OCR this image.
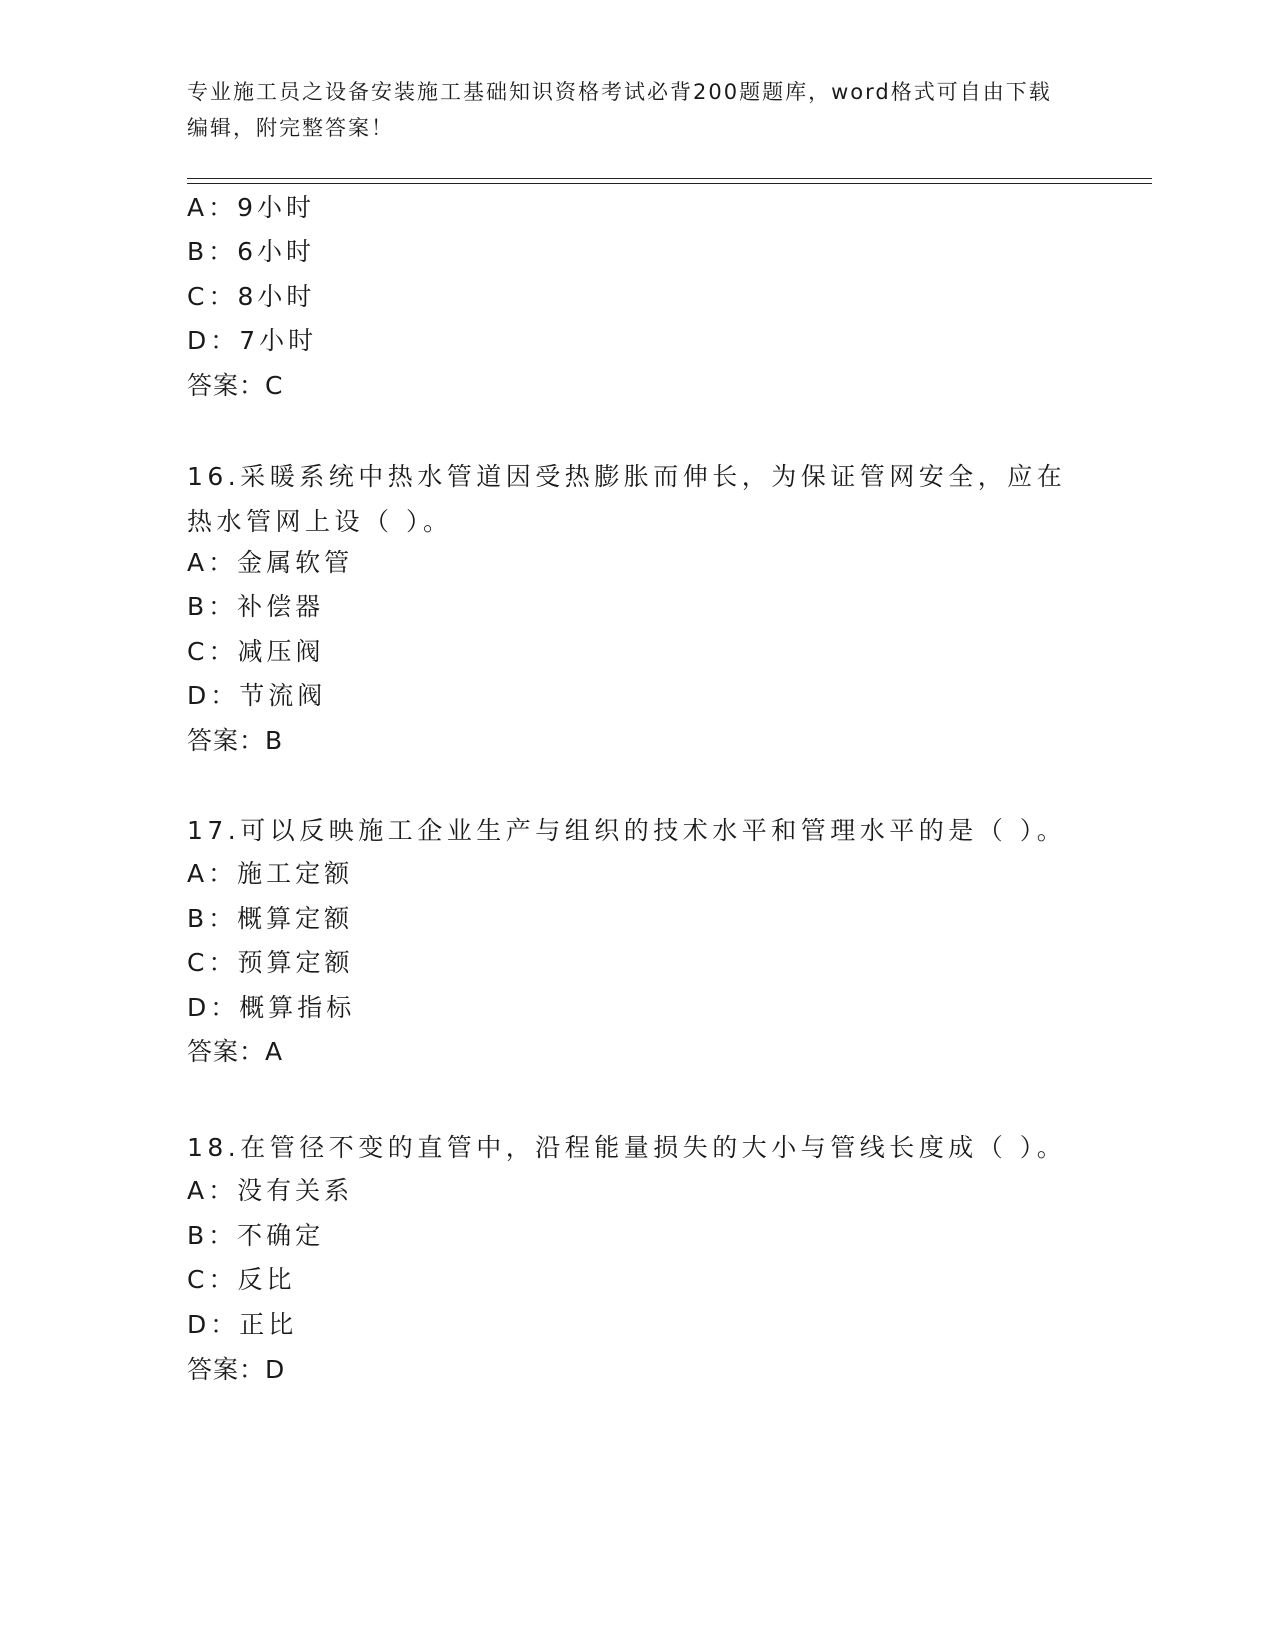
专业施工员之设备安装施工基础知识资格考试必背200题题库，word格式可自由下载编辑，附完整答案！
A：9小时
B：6小时
C：8小时
D：7小时
答案：C
16.采暖系统中热水管道因受热膨胀而伸长，为保证管网安全，应在热水管网上设（ ）。
A：金属软管
B：补偿器
C：减压阀
D：节流阀
答案：B
17.可以反映施工企业生产与组织的技术水平和管理水平的是（ ）。
A：施工定额
B：概算定额
C：预算定额
D：概算指标
答案：A
18.在管径不变的直管中，沿程能量损失的大小与管线长度成（ ）。
A：没有关系
B：不确定
C：反比
D：正比
答案：D
